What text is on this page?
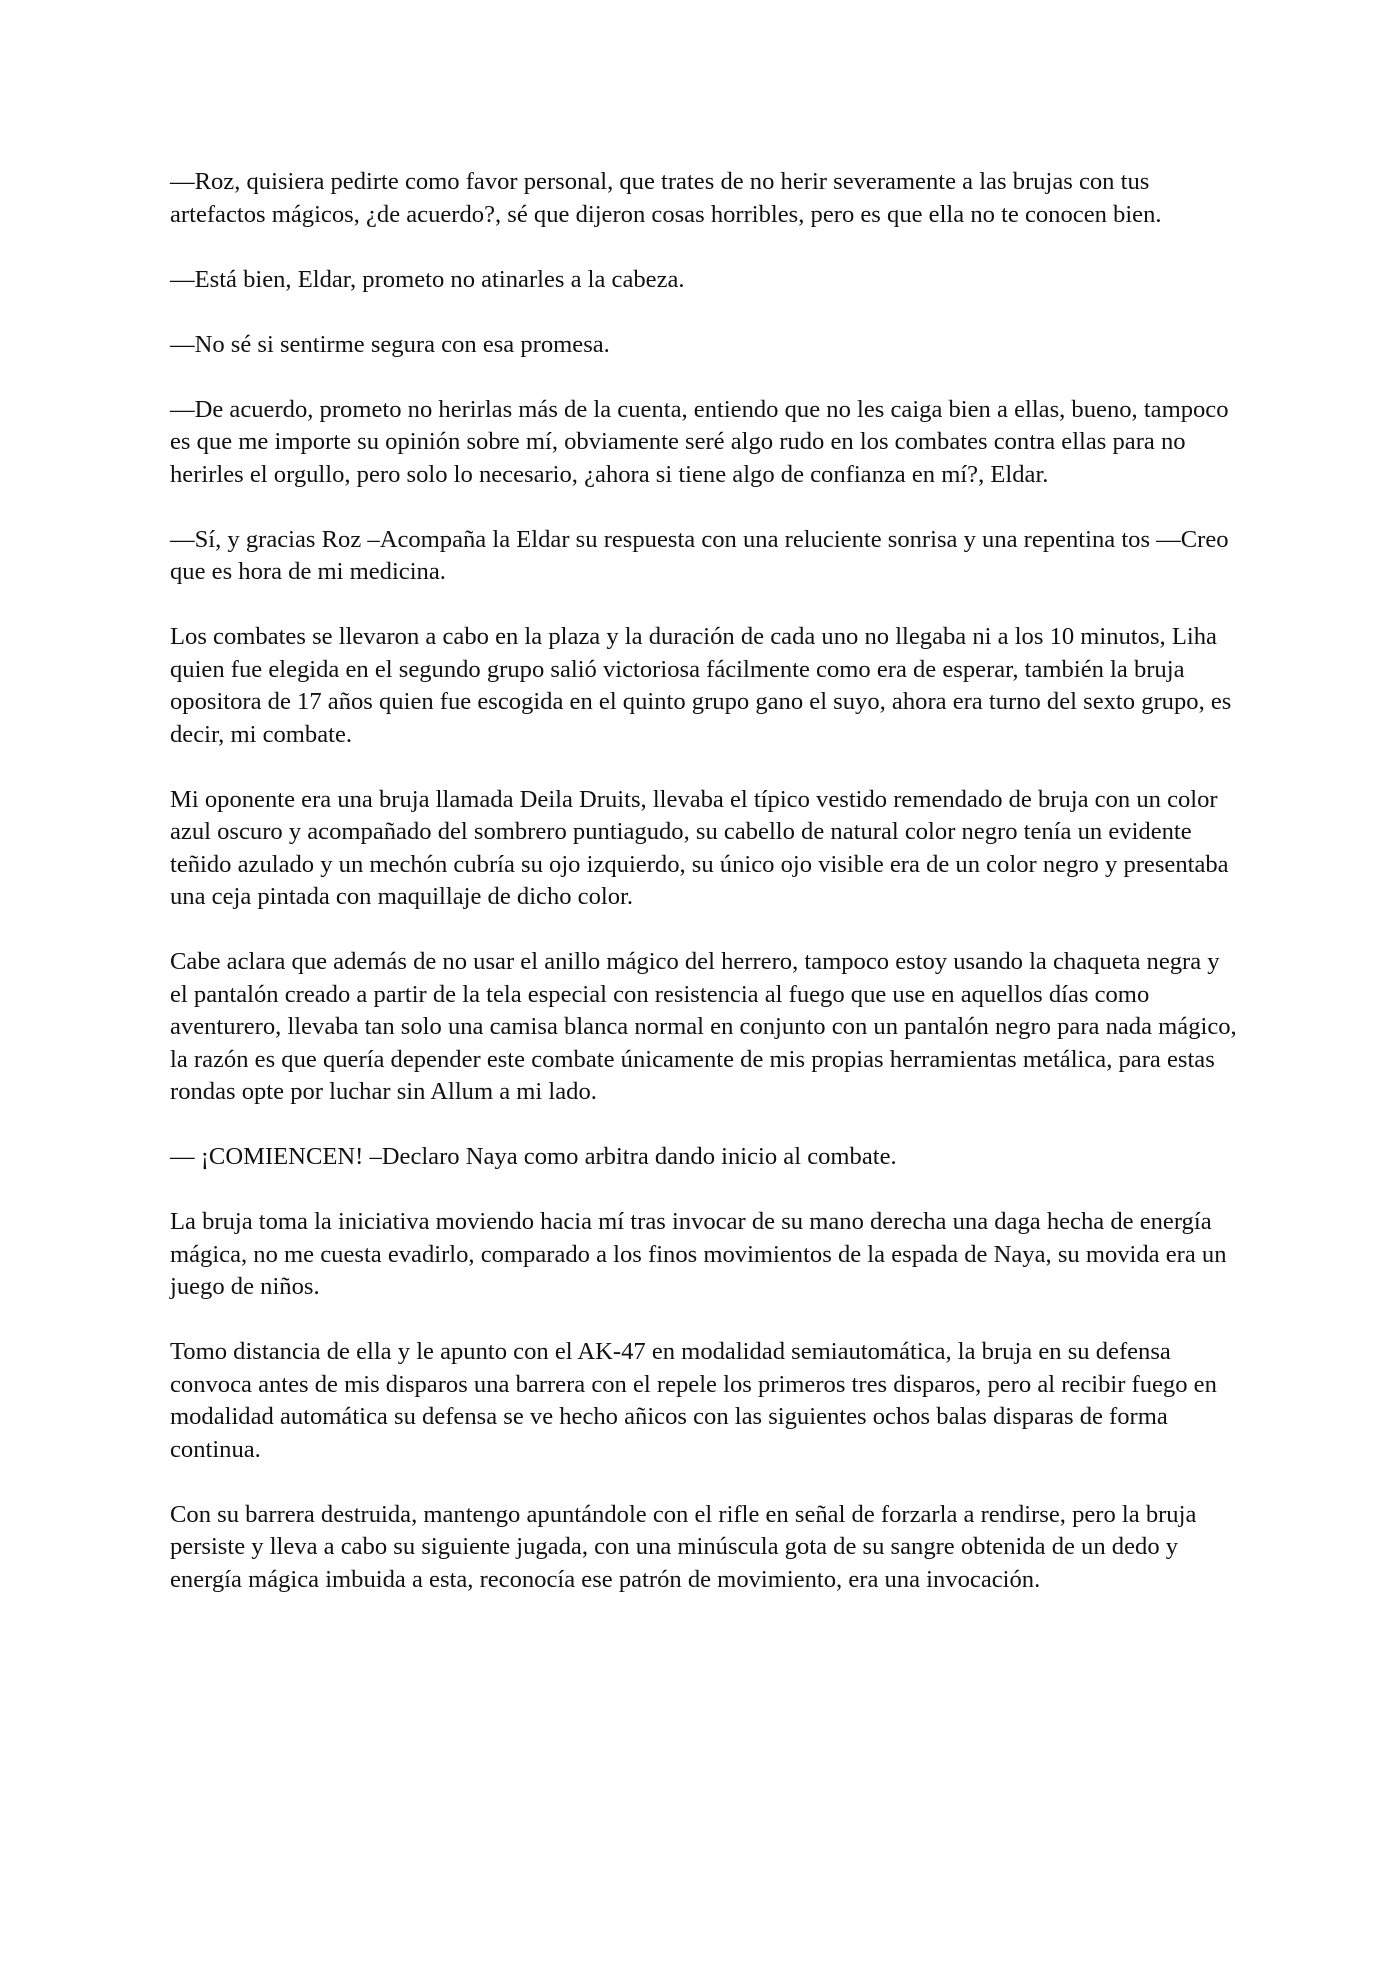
—Roz, quisiera pedirte como favor personal, que trates de no herir severamente a las brujas con tus artefactos mágicos, ¿de acuerdo?, sé que dijeron cosas horribles, pero es que ella no te conocen bien.

—Está bien, Eldar, prometo no atinarles a la cabeza.

—No sé si sentirme segura con esa promesa.

—De acuerdo, prometo no herirlas más de la cuenta, entiendo que no les caiga bien a ellas, bueno, tampoco es que me importe su opinión sobre mí, obviamente seré algo rudo en los combates contra ellas para no herirles el orgullo, pero solo lo necesario, ¿ahora si tiene algo de confianza en mí?, Eldar.

—Sí, y gracias Roz –Acompaña la Eldar su respuesta con una reluciente sonrisa y una repentina tos —Creo que es hora de mi medicina.

Los combates se llevaron a cabo en la plaza y la duración de cada uno no llegaba ni a los 10 minutos, Liha quien fue elegida en el segundo grupo salió victoriosa fácilmente como era de esperar, también la bruja opositora de 17 años quien fue escogida en el quinto grupo gano el suyo, ahora era turno del sexto grupo, es decir, mi combate.

Mi oponente era una bruja llamada Deila Druits, llevaba el típico vestido remendado de bruja con un color azul oscuro y acompañado del sombrero puntiagudo, su cabello de natural color negro tenía un evidente teñido azulado y un mechón cubría su ojo izquierdo, su único ojo visible era de un color negro y presentaba una ceja pintada con maquillaje de dicho color.

Cabe aclara que además de no usar el anillo mágico del herrero, tampoco estoy usando la chaqueta negra y el pantalón creado a partir de la tela especial con resistencia al fuego que use en aquellos días como aventurero, llevaba tan solo una camisa blanca normal en conjunto con un pantalón negro para nada mágico, la razón es que quería depender este combate únicamente de mis propias herramientas metálica, para estas rondas opte por luchar sin Allum a mi lado.

— ¡COMIENCEN! –Declaro Naya como arbitra dando inicio al combate.

La bruja toma la iniciativa moviendo hacia mí tras invocar de su mano derecha una daga hecha de energía mágica, no me cuesta evadirlo, comparado a los finos movimientos de la espada de Naya, su movida era un juego de niños.

Tomo distancia de ella y le apunto con el AK-47 en modalidad semiautomática, la bruja en su defensa convoca antes de mis disparos una barrera con el repele los primeros tres disparos, pero al recibir fuego en modalidad automática su defensa se ve hecho añicos con las siguientes ochos balas disparas de forma continua.

Con su barrera destruida, mantengo apuntándole con el rifle en señal de forzarla a rendirse, pero la bruja persiste y lleva a cabo su siguiente jugada, con una minúscula gota de su sangre obtenida de un dedo y energía mágica imbuida a esta, reconocía ese patrón de movimiento, era una invocación.
